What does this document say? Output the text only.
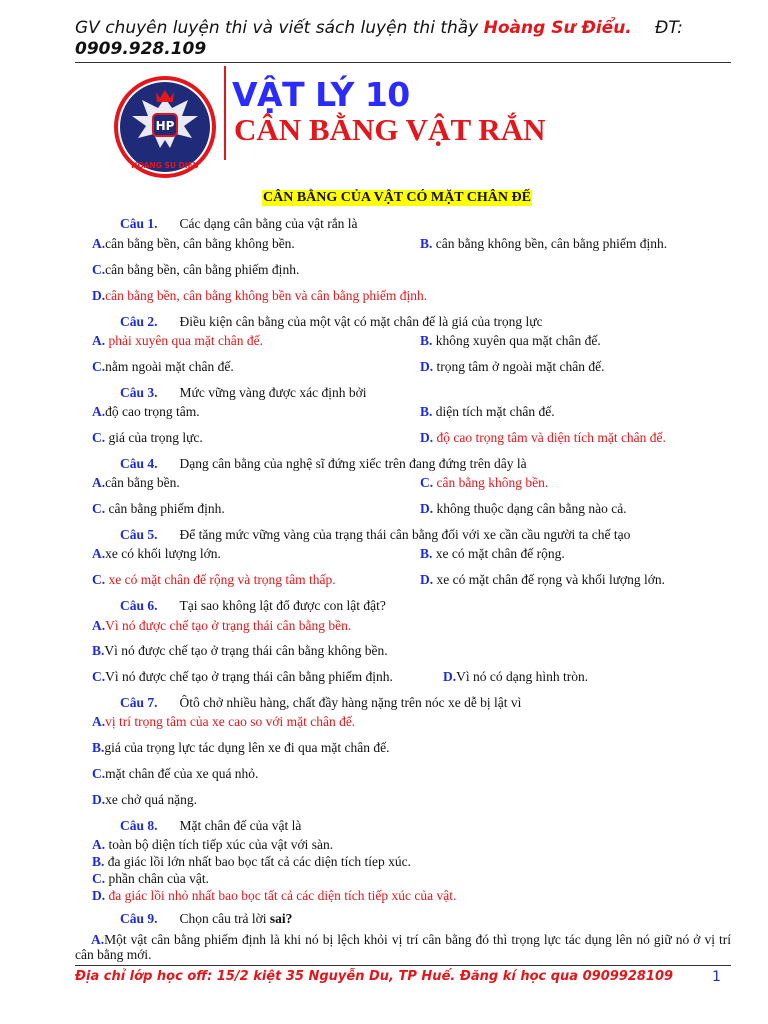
GV chuyên luyện thi và viết sách luyện thi thầy Hoàng Sư Điểu. ĐT:
0909.928.109
HP
HOANG SU DIEU
VẬT LÝ 10
CÂN BẰNG VẬT RẮN
CÂN BẰNG CỦA VẬT CÓ MẶT CHÂN ĐẾ
Câu 1. Các dạng cân bằng của vật rắn là
A.cân bằng bền, cân bằng không bền.	B. cân bằng không bền, cân bằng phiếm định.
C.cân bằng bền, cân bằng phiếm định.
D.cân bằng bền, cân bằng không bền và cân bằng phiếm định.
Câu 2. Điều kiện cân bằng của một vật có mặt chân đế là giá của trọng lực
A. phải xuyên qua mặt chân đế.	B. không xuyên qua mặt chân đế.
C.nằm ngoài mặt chân đế.	D. trọng tâm ở ngoài mặt chân đế.
Câu 3. Mức vững vàng được xác định bởi
A.độ cao trọng tâm.	B. diện tích mặt chân đế.
C. giá của trọng lực.	D. độ cao trọng tâm và diện tích mặt chân đế.
Câu 4. Dạng cân bằng của nghệ sĩ đứng xiếc trên đang đứng trên dây là
A.cân bằng bền.	C. cân bằng không bền.
C. cân bằng phiếm định.	D. không thuộc dạng cân bằng nào cả.
Câu 5. Để tăng mức vững vàng của trạng thái cân bằng đối với xe cần cầu người ta chế tạo
A.xe có khối lượng lớn.	B. xe có mặt chân đế rộng.
C. xe có mặt chân đế rộng và trọng tâm thấp.	D. xe có mặt chân đế rọng và khối lượng lớn.
Câu 6. Tại sao không lật đổ được con lật đật?
A.Vì nó được chế tạo ở trạng thái cân bằng bền.
B.Vì nó được chế tạo ở trạng thái cân bằng không bền.
C.Vì nó được chế tạo ở trạng thái cân bằng phiếm định.	D.Vì nó có dạng hình tròn.
Câu 7. Ôtô chở nhiều hàng, chất đầy hàng nặng trên nóc xe dễ bị lật vì
A.vị trí trọng tâm của xe cao so với mặt chân đế.
B.giá của trọng lực tác dụng lên xe đi qua mặt chân đế.
C.mặt chân đế của xe quá nhỏ.
D.xe chở quá nặng.
Câu 8. Mặt chân đế của vật là
A. toàn bộ diện tích tiếp xúc của vật với sàn.
B. đa giác lồi lớn nhất bao bọc tất cả các diện tích tíep xúc.
C. phần chân của vật.
D. đa giác lồi nhỏ nhất bao bọc tất cả các diện tích tiếp xúc của vật.
Câu 9. Chọn câu trả lời sai?
A.Một vật cân bằng phiếm định là khi nó bị lệch khỏi vị trí cân bằng đó thì trọng lực tác dụng lên nó giữ nó ở vị trí cân bằng mới.
Địa chỉ lớp học off: 15/2 kiệt 35 Nguyễn Du, TP Huế. Đăng kí học qua 0909928109	1
